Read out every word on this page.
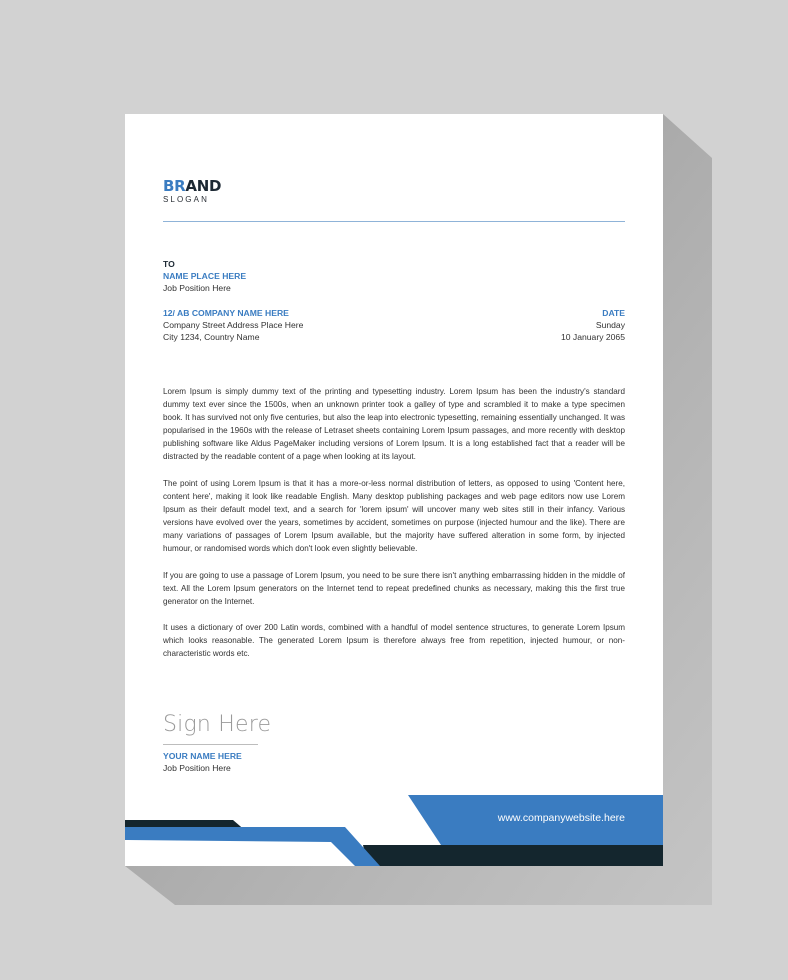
BRAND
SLOGAN
TO
NAME PLACE HERE
Job Position Here
12/ AB COMPANY NAME HERE
Company Street Address Place Here
City 1234, Country Name
DATE
Sunday
10 January 2065
Lorem Ipsum is simply dummy text of the printing and typesetting industry. Lorem Ipsum has been the industry's standard dummy text ever since the 1500s, when an unknown printer took a galley of type and scrambled it to make a type specimen book. It has survived not only five centuries, but also the leap into electronic typesetting, remaining essentially unchanged. It was popularised in the 1960s with the release of Letraset sheets containing Lorem Ipsum passages, and more recently with desktop publishing software like Aldus PageMaker including versions of Lorem Ipsum. It is a long established fact that a reader will be distracted by the readable content of a page when looking at its layout.
The point of using Lorem Ipsum is that it has a more-or-less normal distribution of letters, as opposed to using 'Content here, content here', making it look like readable English. Many desktop publishing packages and web page editors now use Lorem Ipsum as their default model text, and a search for 'lorem ipsum' will uncover many web sites still in their infancy. Various versions have evolved over the years, sometimes by accident, sometimes on purpose (injected humour and the like). There are many variations of passages of Lorem Ipsum available, but the majority have suffered alteration in some form, by injected humour, or randomised words which don't look even slightly believable.
If you are going to use a passage of Lorem Ipsum, you need to be sure there isn't anything embarrassing hidden in the middle of text. All the Lorem Ipsum generators on the Internet tend to repeat predefined chunks as necessary, making this the first true generator on the Internet.
It uses a dictionary of over 200 Latin words, combined with a handful of model sentence structures, to generate Lorem Ipsum which looks reasonable. The generated Lorem Ipsum is therefore always free from repetition, injected humour, or non-characteristic words etc.
Sign Here
YOUR NAME HERE
Job Position Here
www.companywebsite.here
